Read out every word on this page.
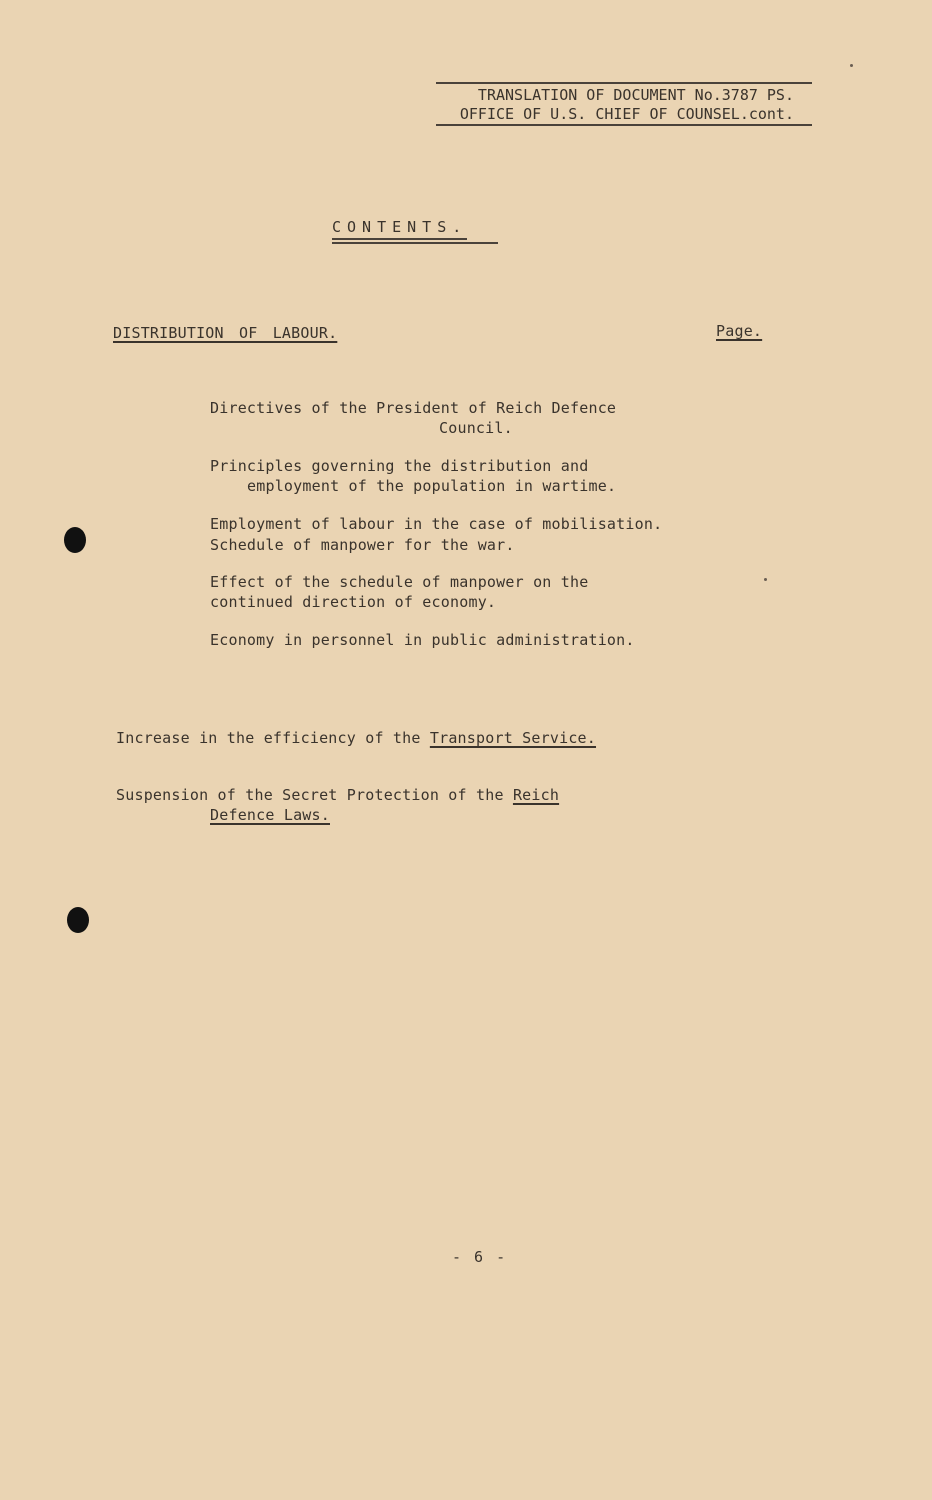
TRANSLATION OF DOCUMENT No.3787 PS.
OFFICE OF U.S. CHIEF OF COUNSEL.cont.
CONTENTS.
DISTRIBUTION OF LABOUR.	Page.
Directives of the President of Reich Defence
Council.
Principles governing the distribution and
employment of the population in wartime.
Employment of labour in the case of mobilisation.
Schedule of manpower for the war.
Effect of the schedule of manpower on the
continued direction of economy.
Economy in personnel in public administration.
Increase in the efficiency of the Transport Service.
Suspension of the Secret Protection of the Reich
Defence Laws.
- 6 -
